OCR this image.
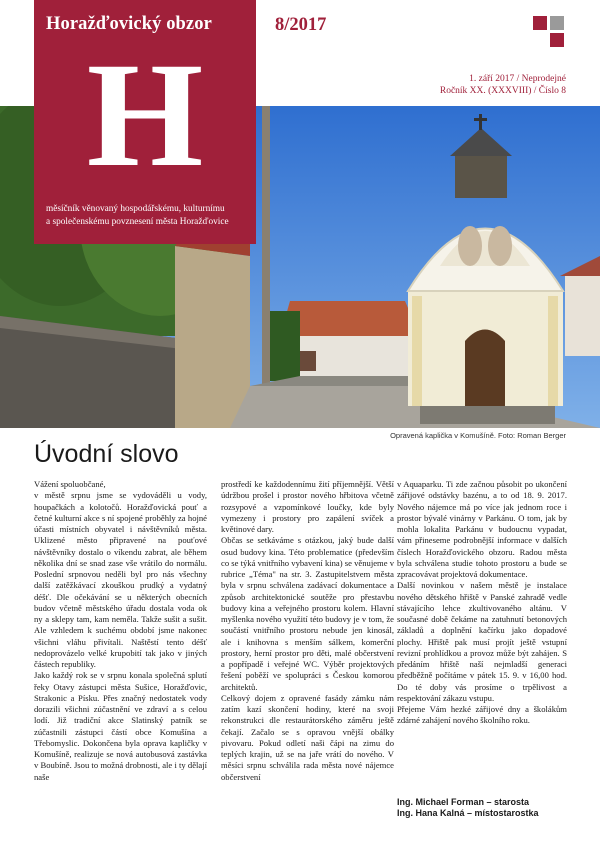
Horažďovický obzor
H
měsíčník věnovaný hospodářskému, kulturnímu
a společenskému povznesení města Horažďovice
8/2017
1. září 2017 / Neprodejné
Ročník XX. (XXXVIII) / Číslo 8
Opravená kaplička v Komušíně. Foto: Roman Berger
Úvodní slovo

Vážení spoluobčané,

v městě srpnu jsme se vydováděli u vody, houpačkách a kolotočů. Horažďovická pouť a četné kulturní akce s ní spojené proběhly za hojné účasti místních obyvatel i návštěvníků města. Uklizené město připravené na pouťové návštěvníky dostalo o víkendu zabrat, ale během několika dní se snad zase vše vrátilo do normálu. Poslední srpnovou neděli byl pro nás všechny další zatěžkávací zkouškou prudký a vydatný déšť. Dle očekávání se u některých obecních budov včetně městského úřadu dostala voda ok ny a sklepy tam, kam neměla. Takže sušit a sušit. Ale vzhledem k suchému období jsme nakonec všichni vláhu přivítali. Naštěstí tento déšť nedoprovázelo velké krupobití tak jako v jiných částech republiky.

Jako každý rok se v srpnu konala společná splutí řeky Otavy zástupci města Sušice, Horažďovic, Strakonic a Písku. Přes značný nedostatek vody dorazili všichni zúčastnění ve zdraví a s celou lodí. Již tradiční akce Slatinský patník se zúčastnili zástupci částí obce Komušína a Třebomyslic. Dokončena byla oprava kapličky v Komušíně, realizuje se nová autobusová zastávka v Boubíně. Jsou to možná drobnosti, ale i ty dělají naše

prostředí ke každodennímu žití příjemnější. Větší údržbou prošel i prostor nového hřbitova včetně rozsypové a vzpomínkové loučky, kde byly vymezeny i prostory pro zapálení svíček a květinové dary.

Občas se setkáváme s otázkou, jaký bude další osud budovy kina. Této problematice (především co se týká vnitřního vybavení kina) se věnujeme v rubrice „Téma" na str. 3. Zastupitelstvem města byla v srpnu schválena zadávací dokumentace a způsob architektonické soutěže pro přestavbu budovy kina a veřejného prostoru kolem. Hlavní myšlenka nového využití této budovy je v tom, že součástí vnitřního prostoru nebude jen kinosál, ale i knihovna s menším sálkem, komerční prostory, herní prostor pro děti, malé občerstvení a popřípadě i veřejné WC. Výběr projektových řešení poběží ve spolupráci s Českou komorou architektů.

Celkový dojem z opravené fasády zámku nám zatím kazí skončení hodiny, které na svoji rekonstrukci dle restaurátorského záměru ještě čekají. Začalo se s opravou vnější obálky pivovaru. Pokud odletí naši čápi na zimu do teplých krajin, už se na jaře vrátí do nového. V měsíci srpnu schválila rada města nové nájemce občerstvení

v Aquaparku. Ti zde začnou působit po ukončení zářijové odstávky bazénu, a to od 18. 9. 2017. Nového nájemce má po více jak jednom roce i prostor bývalé vinárny v Parkánu. O tom, jak by mohla lokalita Parkánu v budoucnu vypadat, vám přineseme podrobnější informace v dalších číslech Horažďovického obzoru. Radou města byla schválena studie tohoto prostoru a bude se zpracovávat projektová dokumentace.

Další novinkou v našem městě je instalace nového dětského hřiště v Panské zahradě vedle stávajícího lehce zkultivovaného altánu. V současné době čekáme na zatuhnutí betonových základů a doplnění kačírku jako dopadové plochy. Hřiště pak musí projít ještě vstupní revizní prohlídkou a provoz může být zahájen. S předáním hřiště naší nejmladší generaci předběžně počítáme v pátek 15. 9. v 16,00 hod. Do té doby vás prosíme o trpělivost a respektování zákazu vstupu.

Přejeme Vám hezké zářijové dny a školákům zdárné zahájení nového školního roku.

Ing. Michael Forman – starosta
Ing. Hana Kalná – místostarostka
